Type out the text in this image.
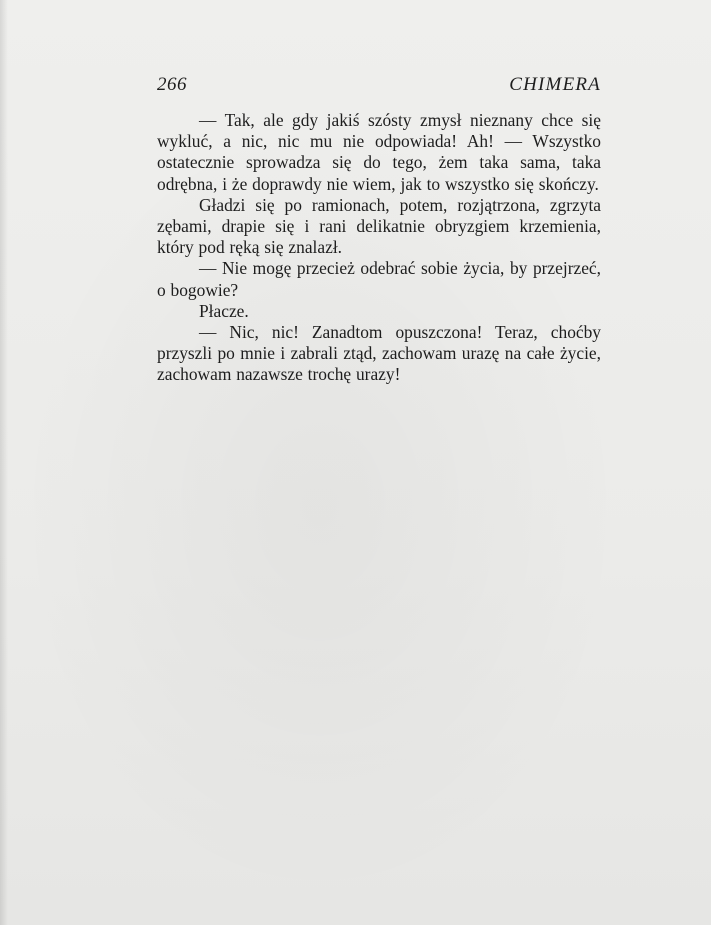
266	CHIMERA

— Tak, ale gdy jakiś szósty zmysł nieznany chce się wykluć, a nic, nic mu nie odpowiada! Ah! — Wszystko ostatecznie sprowadza się do tego, żem taka sama, taka odrębna, i że doprawdy nie wiem, jak to wszystko się skończy.

Gładzi się po ramionach, potem, rozjątrzona, zgrzyta zębami, drapie się i rani delikatnie obryzgiem krzemienia, który pod ręką się znalazł.

— Nie mogę przecież odebrać sobie życia, by przejrzeć, o bogowie?

Płacze.

— Nic, nic! Zanadtom opuszczona! Teraz, choćby przyszli po mnie i zabrali ztąd, zachowam urazę na całe życie, zachowam nazawsze trochę urazy!
